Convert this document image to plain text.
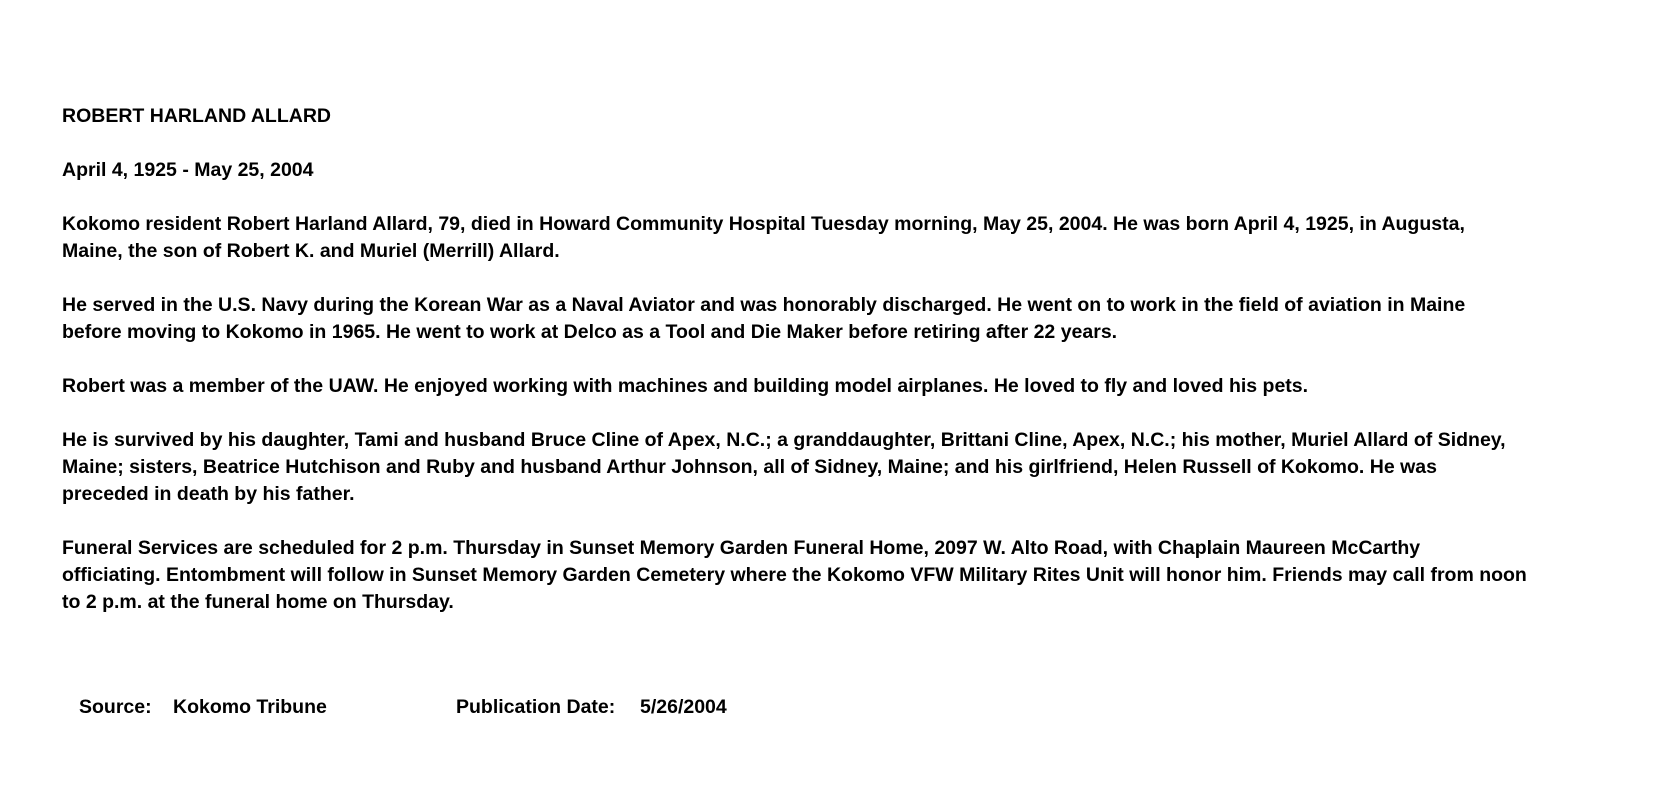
ROBERT HARLAND ALLARD
April 4, 1925 - May 25, 2004
Kokomo resident Robert Harland Allard, 79, died in Howard Community Hospital Tuesday morning, May 25, 2004. He was born April 4, 1925, in Augusta,
Maine, the son of Robert K. and Muriel (Merrill) Allard.
He served in the U.S. Navy during the Korean War as a Naval Aviator and was honorably discharged. He went on to work in the field of aviation in Maine
before moving to Kokomo in 1965. He went to work at Delco as a Tool and Die Maker before retiring after 22 years.
Robert was a member of the UAW. He enjoyed working with machines and building model airplanes. He loved to fly and loved his pets.
He is survived by his daughter, Tami and husband Bruce Cline of Apex, N.C.; a granddaughter, Brittani Cline, Apex, N.C.; his mother, Muriel Allard of Sidney,
Maine; sisters, Beatrice Hutchison and Ruby and husband Arthur Johnson, all of Sidney, Maine; and his girlfriend, Helen Russell of Kokomo. He was
preceded in death by his father.
Funeral Services are scheduled for 2 p.m. Thursday in Sunset Memory Garden Funeral Home, 2097 W. Alto Road, with Chaplain Maureen McCarthy
officiating. Entombment will follow in Sunset Memory Garden Cemetery where the Kokomo VFW Military Rites Unit will honor him. Friends may call from noon
to 2 p.m. at the funeral home on Thursday.
Source: Kokomo Tribune	Publication Date: 5/26/2004
